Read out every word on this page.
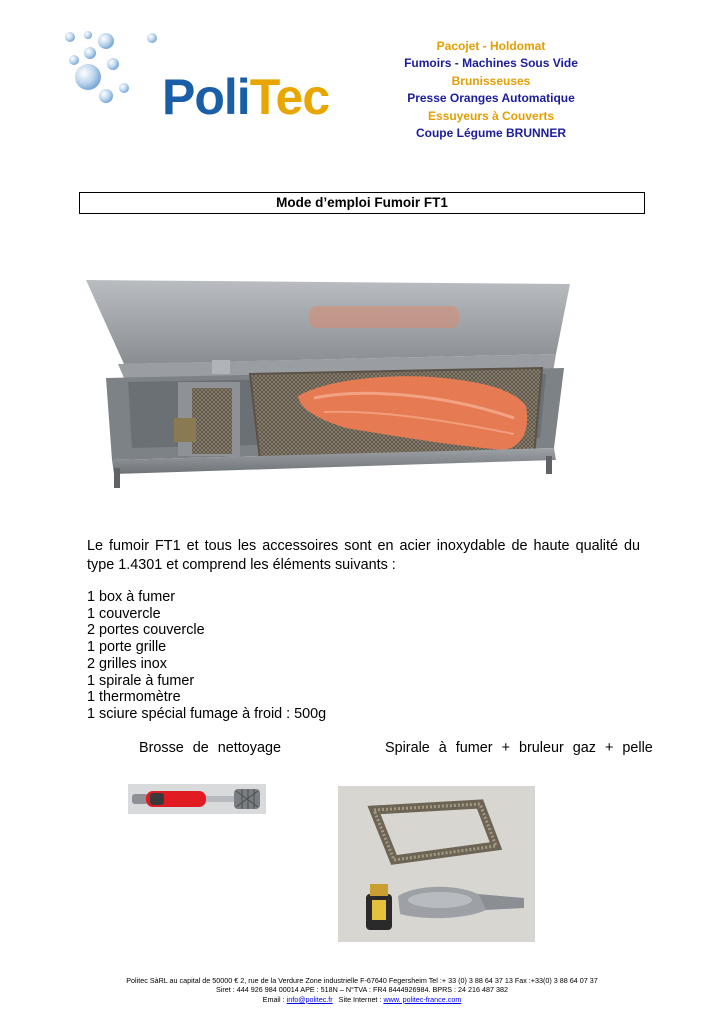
PoliTec
Pacojet - Holdomat
Fumoirs - Machines Sous Vide
Brunisseuses
Presse Oranges Automatique
Essuyeurs à Couverts
Coupe Légume BRUNNER
Mode d’emploi Fumoir FT1
Le fumoir FT1 et tous les accessoires sont en acier inoxydable de haute qualité du type 1.4301 et comprend les éléments suivants :
1 box à fumer
1 couvercle
2 portes couvercle
1 porte grille
2 grilles inox
1 spirale à fumer
1 thermomètre
1 sciure spécial fumage à froid : 500g
Brosse de nettoyage	Spirale à fumer + bruleur gaz + pelle
Politec SàRL au capital de 50000 € 2, rue de la Verdure Zone industrielle F-67640 Fegersheim Tel :+ 33 (0) 3 88 64 37 13 Fax :+33(0) 3 88 64 07 37
Siret : 444 926 984 00014 APE : 518N – N°TVA : FR4 8444926984. BPRS : 24 216 487 382
Email : info@politec.fr   Site Internet : www. politec-france.com
